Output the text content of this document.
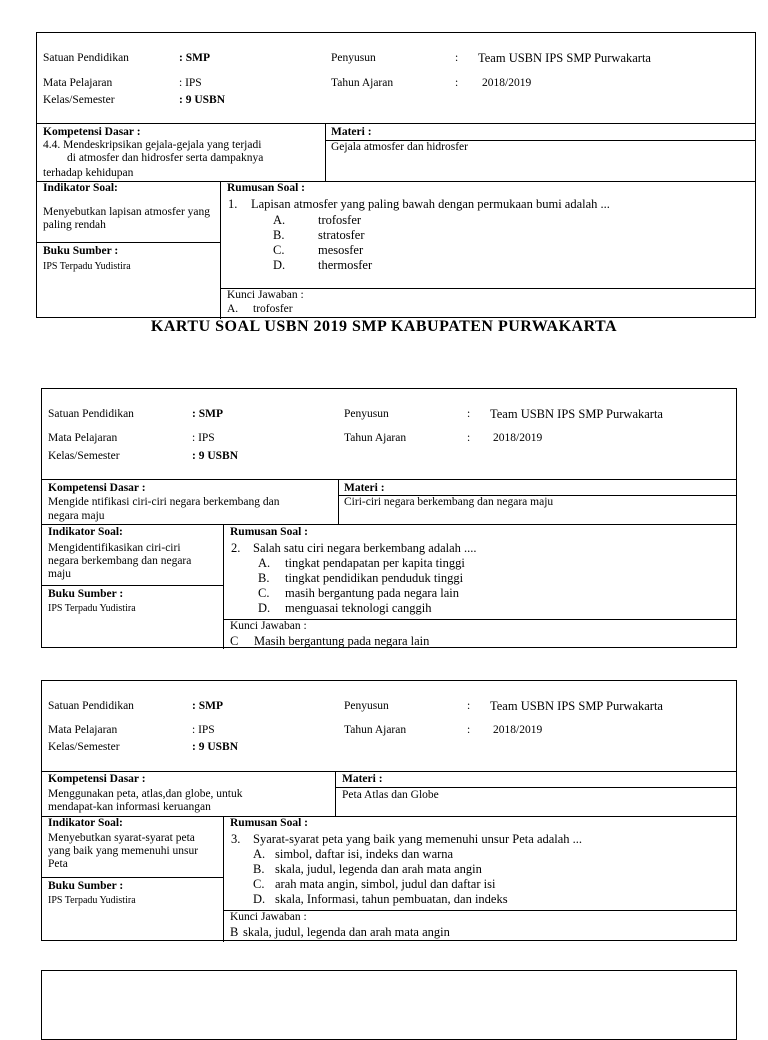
Satuan Pendidikan	: SMP	Penyusun	: Team USBN IPS SMP Purwakarta
Mata Pelajaran	: IPS	Tahun Ajaran	: 2018/2019
Kelas/Semester	: 9 USBN
Kompetensi Dasar :
4.4. Mendeskripsikan gejala-gejala yang terjadi
di atmosfer dan hidrosfer serta dampaknya
terhadap kehidupan
Materi :
Gejala atmosfer dan hidrosfer
Indikator Soal:
Menyebutkan lapisan atmosfer yang paling rendah
Buku Sumber :
IPS Terpadu Yudistira
Rumusan Soal :
1. Lapisan atmosfer yang paling bawah dengan permukaan bumi adalah ...
A.	trofosfer
B.	stratosfer
C.	mesosfer
D.	thermosfer
Kunci Jawaban :
A. trofosfer
KARTU SOAL USBN 2019 SMP KABUPATEN PURWAKARTA
Satuan Pendidikan	: SMP	Penyusun	: Team USBN IPS SMP Purwakarta
Mata Pelajaran	: IPS	Tahun Ajaran	: 2018/2019
Kelas/Semester	: 9 USBN
Kompetensi Dasar :
Mengide ntifikasi ciri-ciri negara berkembang dan
negara maju
Materi :
Ciri-ciri negara berkembang dan negara maju
Indikator Soal:
Mengidentifikasikan ciri-ciri negara berkembang dan negara maju
Buku Sumber :
IPS Terpadu Yudistira
Rumusan Soal :
2. Salah satu ciri negara berkembang adalah ....
A. tingkat pendapatan per kapita tinggi
B. tingkat pendidikan penduduk tinggi
C. masih bergantung pada negara lain
D. menguasai teknologi canggih
Kunci Jawaban :
C Masih bergantung pada negara lain
Satuan Pendidikan	: SMP	Penyusun	: Team USBN IPS SMP Purwakarta
Mata Pelajaran	: IPS	Tahun Ajaran	: 2018/2019
Kelas/Semester	: 9 USBN
Kompetensi Dasar :
Menggunakan peta, atlas,dan globe, untuk
mendapat-kan informasi keruangan
Materi :
Peta Atlas dan Globe
Indikator Soal:
Menyebutkan syarat-syarat peta yang baik yang memenuhi unsur Peta
Buku Sumber :
IPS Terpadu Yudistira
Rumusan Soal :
3. Syarat-syarat peta yang baik yang memenuhi unsur Peta adalah ...
A. simbol, daftar isi, indeks dan warna
B. skala, judul, legenda dan arah mata angin
C. arah mata angin, simbol, judul dan daftar isi
D. skala, Informasi, tahun pembuatan, dan indeks
Kunci Jawaban :
B skala, judul, legenda dan arah mata angin
